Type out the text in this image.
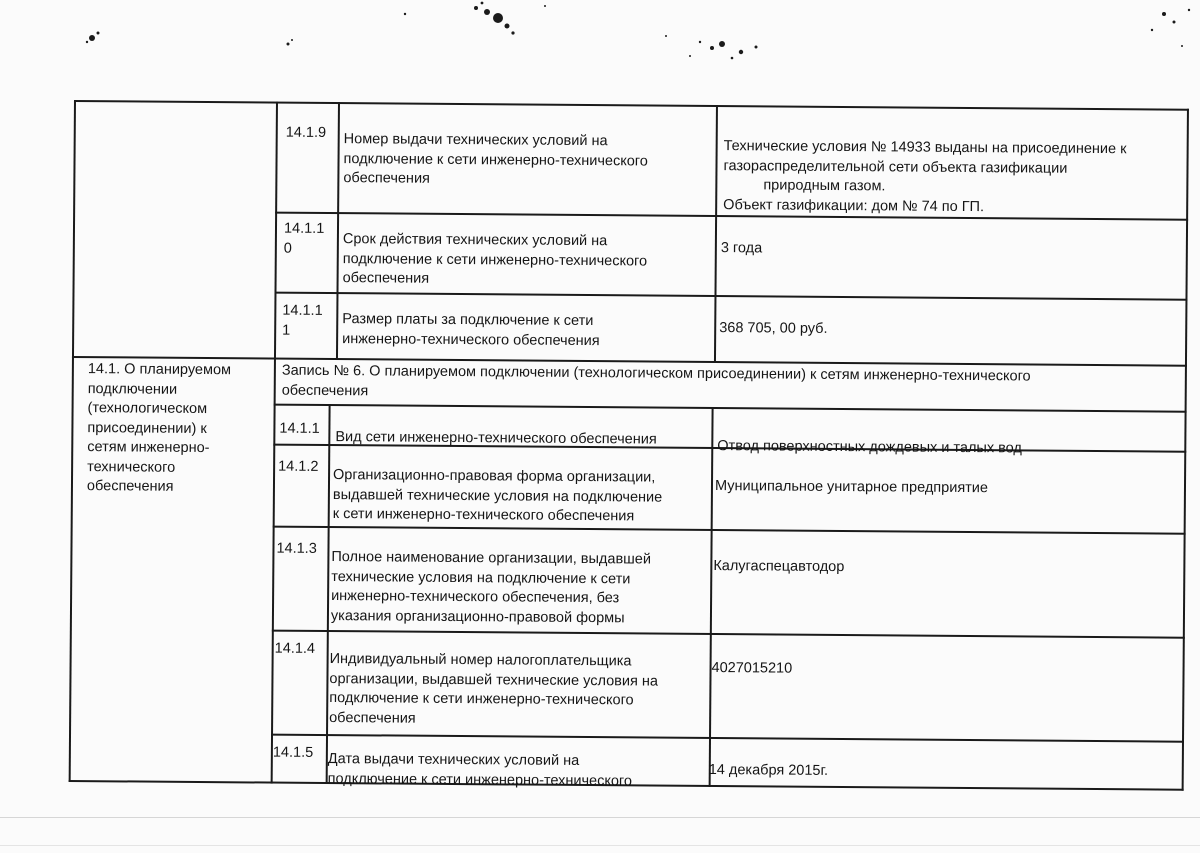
14.1. О планируемом
подключении
(технологическом
присоединении) к
сетям инженерно-
технического
обеспечения
Запись № 6. О планируемом подключении (технологическом присоединении) к сетям инженерно-технического
обеспечения
14.1.9 Номер выдачи технических условий на
подключение к сети инженерно-технического
обеспечения
Технические условия № 14933 выданы на присоединение к
газораспределительной сети объекта газификации
природным газом.
Объект газификации: дом № 74 по ГП.
14.1.1
0	Срок действия технических условий на
подключение к сети инженерно-технического
обеспечения
3 года
14.1.1
1
Размер платы за подключение к сети
инженерно-технического обеспечения
368 705, 00 руб.
14.1.1
Вид сети инженерно-технического обеспечения	Отвод поверхностных дождевых и талых вод
14.1.2
Организационно-правовая форма организации,
выдавшей технические условия на подключение
к сети инженерно-технического обеспечения
Муниципальное унитарное предприятие
14.1.3
Полное наименование организации, выдавшей
технические условия на подключение к сети
инженерно-технического обеспечения, без
указания организационно-правовой формы
Калугаспецавтодор
14.1.4
Индивидуальный номер налогоплательщика
организации, выдавшей технические условия на
подключение к сети инженерно-технического
обеспечения
4027015210
14.1.5 Дата выдачи технических условий на
подключение к сети инженерно-технического
14 декабря 2015г.
